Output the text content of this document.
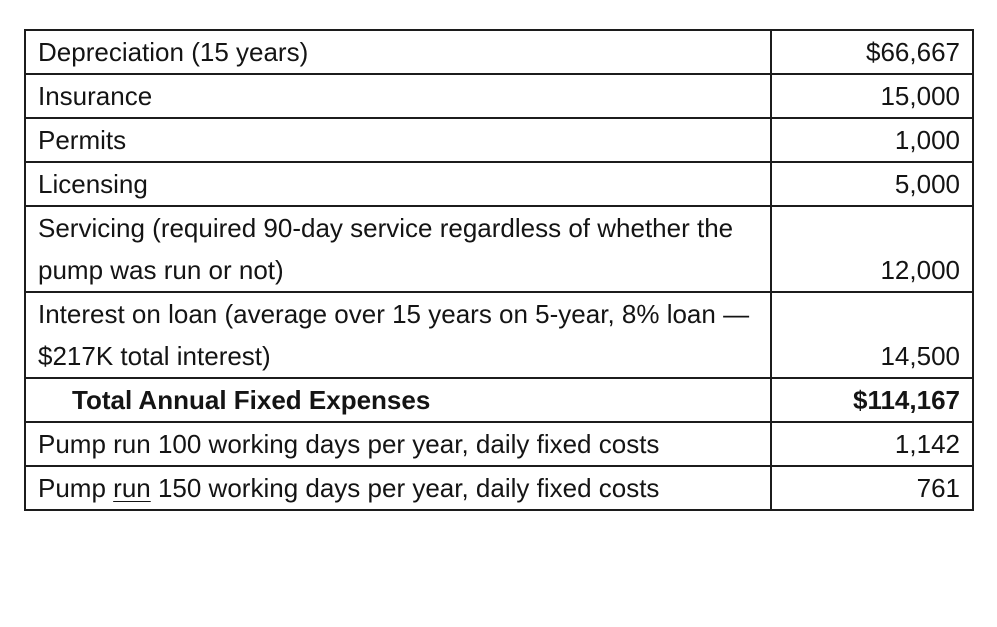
Depreciation (15 years)	$66,667
Insurance	15,000
Permits	1,000
Licensing	5,000
Servicing (required 90-day service regardless of whether the pump was run or not)	12,000
Interest on loan (average over 15 years on 5-year, 8% loan — $217K total interest)	14,500
Total Annual Fixed Expenses	$114,167
Pump run 100 working days per year, daily fixed costs	1,142
Pump run 150 working days per year, daily fixed costs	761
